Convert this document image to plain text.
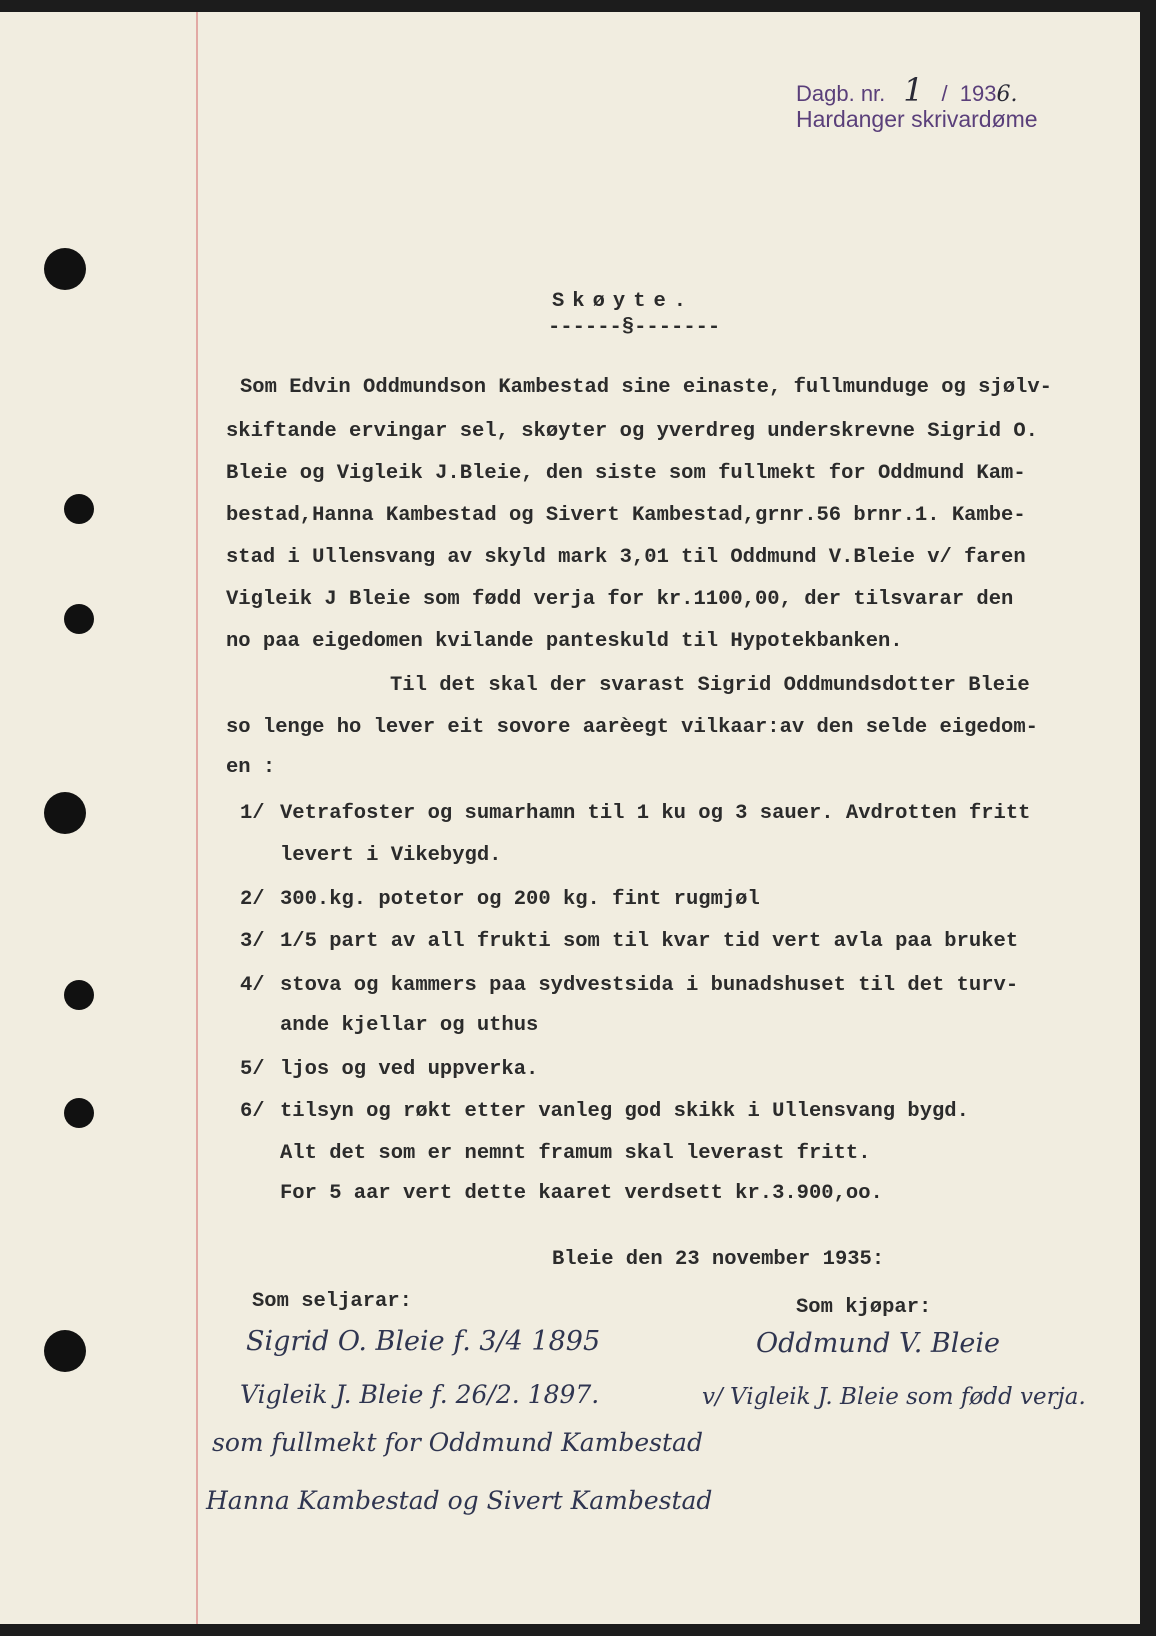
Dagb. nr. 1 / 1936.
Hardanger skrivardøme
Skøyte.
------§-------
Som Edvin Oddmundson Kambestad sine einaste, fullmunduge og sjølv-
skiftande ervingar sel, skøyter og yverdreg underskrevne Sigrid O.
Bleie og Vigleik J.Bleie, den siste som fullmekt for Oddmund Kam-
bestad,Hanna Kambestad og Sivert Kambestad,grnr.56 brnr.1. Kambe-
stad i Ullensvang av skyld mark 3,01 til Oddmund V.Bleie v/ faren
Vigleik J Bleie som fødd verja for kr.1100,00, der tilsvarar den
no paa eigedomen kvilande panteskuld til Hypotekbanken.
Til det skal der svarast Sigrid Oddmundsdotter Bleie
so lenge ho lever eit sovore aarèegt vilkaar:av den selde eigedom-
en :
1/ Vetrafoster og sumarhamn til 1 ku og 3 sauer. Avdrotten fritt
levert i Vikebygd.
2/ 300.kg. potetor og 200 kg. fint rugmjøl
3/ 1/5 part av all frukti som til kvar tid vert avla paa bruket
4/ stova og kammers paa sydvestsida i bunadshuset til det turv-
ande kjellar og uthus
5/ ljos og ved uppverka.
6/ tilsyn og røkt etter vanleg god skikk i Ullensvang bygd.
Alt det som er nemnt framum skal leverast fritt.
For 5 aar vert dette kaaret verdsett kr.3.900,oo.
Bleie den 23 november 1935:
Som seljarar:	Som kjøpar:
Sigrid O. Bleie f. 3/4 1895
Vigleik J. Bleie f. 26/2. 1897.
som fullmekt for Oddmund Kambestad
Hanna Kambestad og Sivert Kambestad
Oddmund V. Bleie
v/ Vigleik J. Bleie som fødd verja.
